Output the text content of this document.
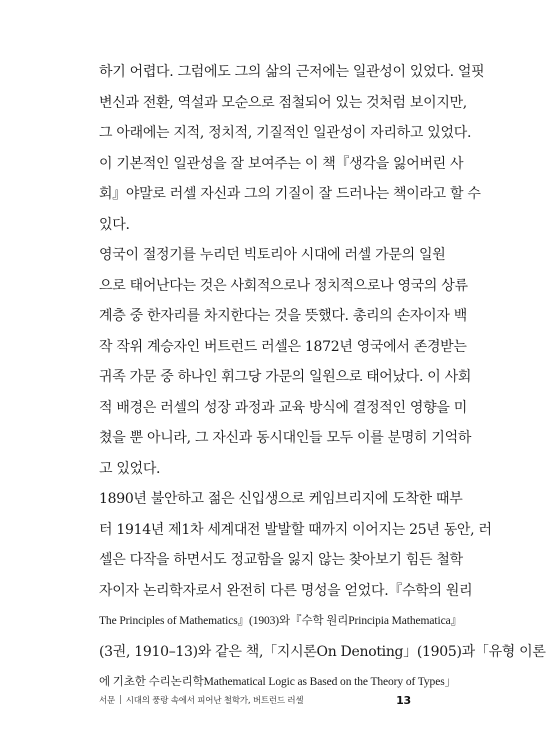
하기 어렵다. 그럼에도 그의 삶의 근저에는 일관성이 있었다. 얼핏
변신과 전환, 역설과 모순으로 점철되어 있는 것처럼 보이지만,
그 아래에는 지적, 정치적, 기질적인 일관성이 자리하고 있었다.
이 기본적인 일관성을 잘 보여주는 이 책『생각을 잃어버린 사
회』야말로 러셀 자신과 그의 기질이 잘 드러나는 책이라고 할 수
있다.
영국이 절정기를 누리던 빅토리아 시대에 러셀 가문의 일원
으로 태어난다는 것은 사회적으로나 정치적으로나 영국의 상류
계층 중 한자리를 차지한다는 것을 뜻했다. 총리의 손자이자 백
작 작위 계승자인 버트런드 러셀은 1872년 영국에서 존경받는
귀족 가문 중 하나인 휘그당 가문의 일원으로 태어났다. 이 사회
적 배경은 러셀의 성장 과정과 교육 방식에 결정적인 영향을 미
쳤을 뿐 아니라, 그 자신과 동시대인들 모두 이를 분명히 기억하
고 있었다.
1890년 불안하고 젊은 신입생으로 케임브리지에 도착한 때부
터 1914년 제1차 세계대전 발발할 때까지 이어지는 25년 동안, 러
셀은 다작을 하면서도 정교함을 잃지 않는 찾아보기 힘든 철학
자이자 논리학자로서 완전히 다른 명성을 얻었다.『수학의 원리
The Principles of Mathematics』(1903)와『수학 원리Principia Mathematica』
(3권, 1910–13)와 같은 책,「지시론On Denoting」(1905)과「유형 이론
에 기초한 수리논리학Mathematical Logic as Based on the Theory of Types」
서문 | 시대의 풍랑 속에서 피어난 철학가, 버트런드 러셀	13
